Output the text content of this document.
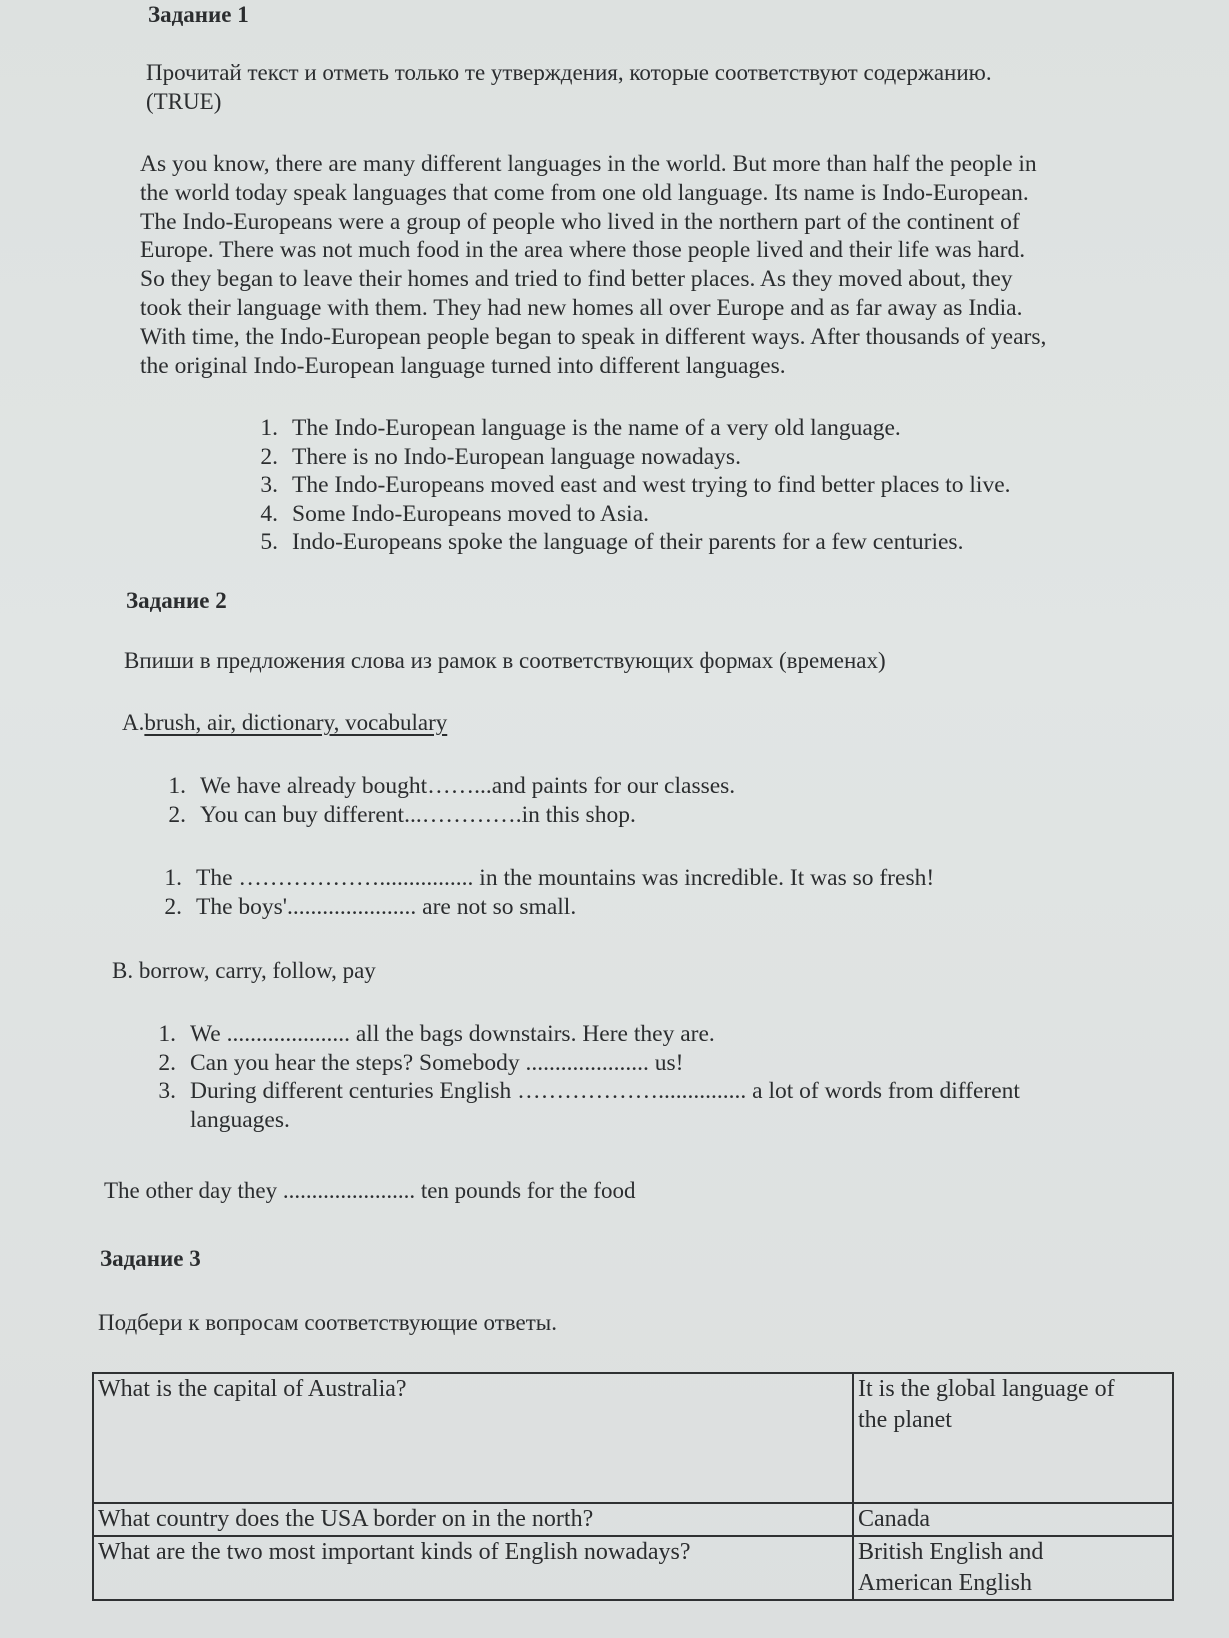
Задание 1
Прочитай текст и отметь только те утверждения, которые соответствуют содержанию.
(TRUE)
As you know, there are many different languages in the world. But more than half the people in
the world today speak languages that come from one old language. Its name is Indo-European.
The Indo-Europeans were a group of people who lived in the northern part of the continent of
Europe. There was not much food in the area where those people lived and their life was hard.
So they began to leave their homes and tried to find better places. As they moved about, they
took their language with them. They had new homes all over Europe and as far away as India.
With time, the Indo-European people began to speak in different ways. After thousands of years,
the original Indo-European language turned into different languages.
1. The Indo-European language is the name of a very old language.
2. There is no Indo-European language nowadays.
3. The Indo-Europeans moved east and west trying to find better places to live.
4. Some Indo-Europeans moved to Asia.
5. Indo-Europeans spoke the language of their parents for a few centuries.
Задание 2
Впиши в предложения слова из рамок в соответствующих формах (временах)
A.brush, air, dictionary, vocabulary
1. We have already bought……...and paints for our classes.
2. You can buy different...………….in this shop.
1. The ………………................ in the mountains was incredible. It was so fresh!
2. The boys'...................... are not so small.
B. borrow, carry, follow, pay
1. We ..................... all the bags downstairs. Here they are.
2. Can you hear the steps? Somebody ..................... us!
3. During different centuries English ………………............... a lot of words from different
languages.
The other day they ....................... ten pounds for the food
Задание 3
Подбери к вопросам соответствующие ответы.
What is the capital of Australia?	It is the global language of
the planet

What country does the USA border on in the north?	Canada

What are the two most important kinds of English nowadays?	British English and
American English
